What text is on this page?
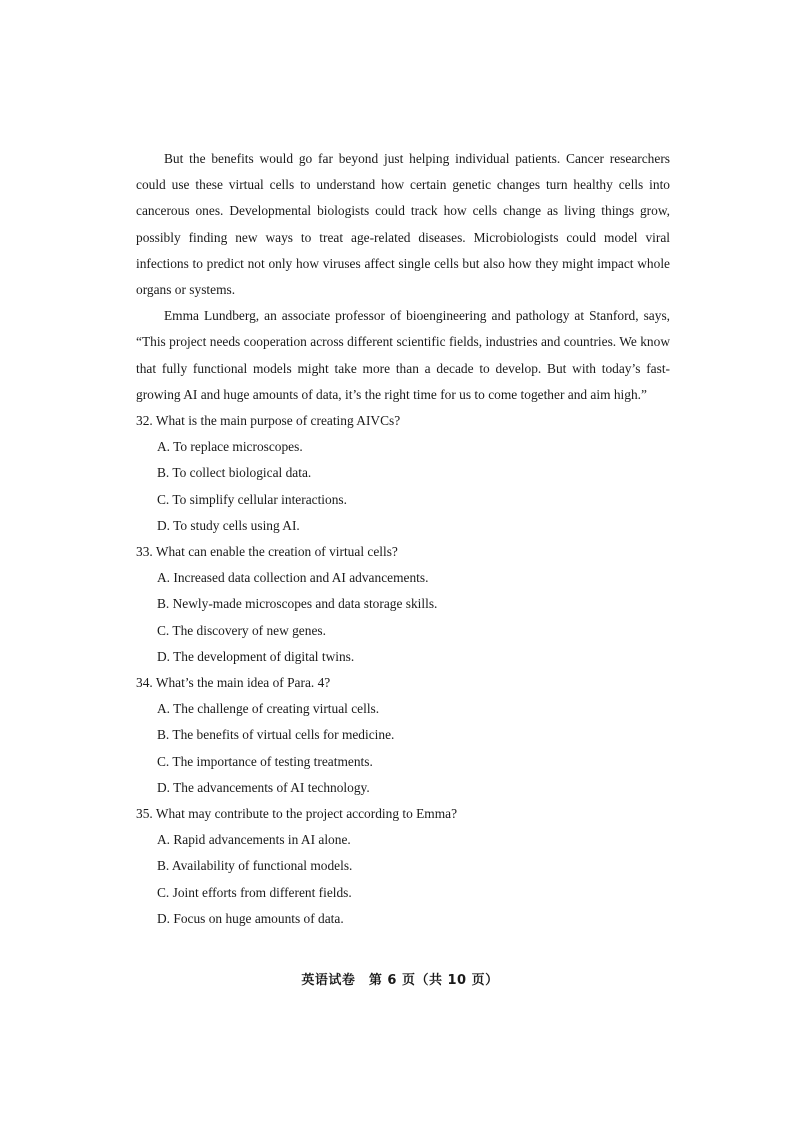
But the benefits would go far beyond just helping individual patients. Cancer researchers could use these virtual cells to understand how certain genetic changes turn healthy cells into cancerous ones. Developmental biologists could track how cells change as living things grow, possibly finding new ways to treat age-related diseases. Microbiologists could model viral infections to predict not only how viruses affect single cells but also how they might impact whole organs or systems.

Emma Lundberg, an associate professor of bioengineering and pathology at Stanford, says, “This project needs cooperation across different scientific fields, industries and countries. We know that fully functional models might take more than a decade to develop. But with today’s fast-growing AI and huge amounts of data, it’s the right time for us to come together and aim high.”

32. What is the main purpose of creating AIVCs?

A. To replace microscopes.

B. To collect biological data.

C. To simplify cellular interactions.

D. To study cells using AI.

33. What can enable the creation of virtual cells?

A. Increased data collection and AI advancements.

B. Newly-made microscopes and data storage skills.

C. The discovery of new genes.

D. The development of digital twins.

34. What’s the main idea of Para. 4?

A. The challenge of creating virtual cells.

B. The benefits of virtual cells for medicine.

C. The importance of testing treatments.

D. The advancements of AI technology.

35. What may contribute to the project according to Emma?

A. Rapid advancements in AI alone.

B. Availability of functional models.

C. Joint efforts from different fields.

D. Focus on huge amounts of data.

英语试卷　第 6 页（共 10 页）
